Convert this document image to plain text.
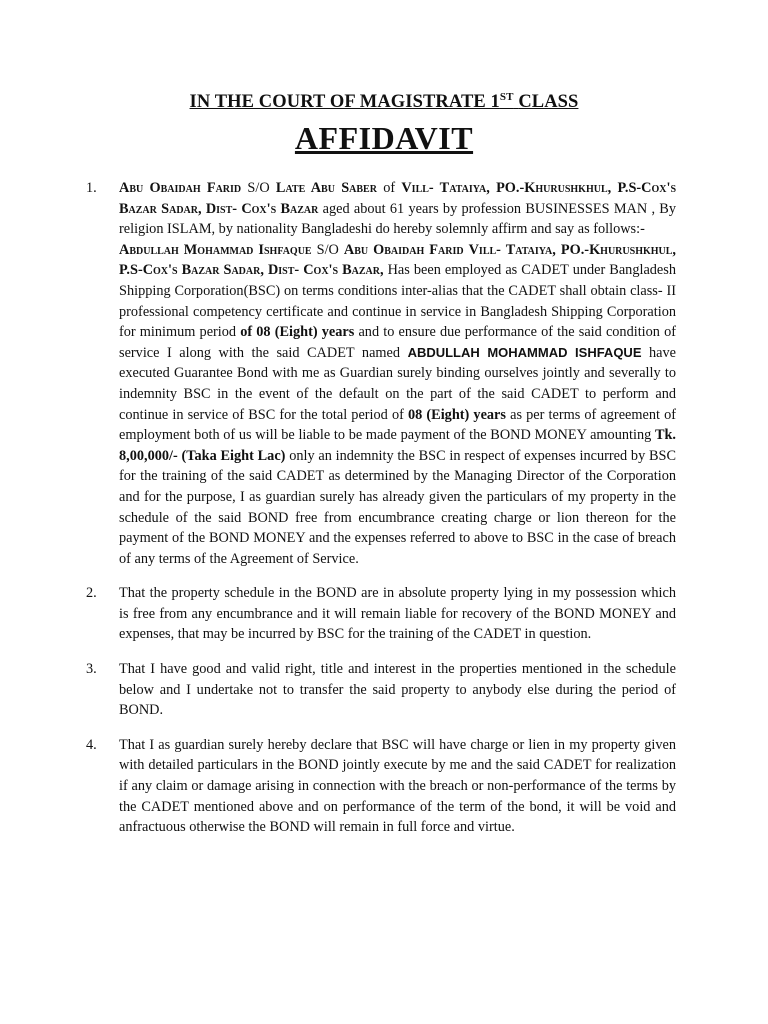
IN THE COURT OF MAGISTRATE 1ST CLASS
AFFIDAVIT
1. Abu Obaidah Farid S/O Late Abu Saber of Vill- Tataiya, PO.-Khurushkhul, P.S-Cox's Bazar Sadar, Dist- Cox's Bazar aged about 61 years by profession BUSINESSES MAN , By religion ISLAM, by nationality Bangladeshi do hereby solemnly affirm and say as follows:-

Abdullah Mohammad Ishfaque S/O Abu Obaidah Farid Vill- Tataiya, PO.-Khurushkhul, P.S-Cox's Bazar Sadar, Dist- Cox's Bazar, Has been employed as CADET under Bangladesh Shipping Corporation(BSC) on terms conditions inter-alias that the CADET shall obtain class- II professional competency certificate and continue in service in Bangladesh Shipping Corporation for minimum period of 08 (Eight) years and to ensure due performance of the said condition of service I along with the said CADET named ABDULLAH MOHAMMAD ISHFAQUE have executed Guarantee Bond with me as Guardian surely binding ourselves jointly and severally to indemnity BSC in the event of the default on the part of the said CADET to perform and continue in service of BSC for the total period of 08 (Eight) years as per terms of agreement of employment both of us will be liable to be made payment of the BOND MONEY amounting Tk. 8,00,000/- (Taka Eight Lac) only an indemnity the BSC in respect of expenses incurred by BSC for the training of the said CADET as determined by the Managing Director of the Corporation and for the purpose, I as guardian surely has already given the particulars of my property in the schedule of the said BOND free from encumbrance creating charge or lion thereon for the payment of the BOND MONEY and the expenses referred to above to BSC in the case of breach of any terms of the Agreement of Service.

2. That the property schedule in the BOND are in absolute property lying in my possession which is free from any encumbrance and it will remain liable for recovery of the BOND MONEY and expenses, that may be incurred by BSC for the training of the CADET in question.

3. That I have good and valid right, title and interest in the properties mentioned in the schedule below and I undertake not to transfer the said property to anybody else during the period of BOND.

4. That I as guardian surely hereby declare that BSC will have charge or lien in my property given with detailed particulars in the BOND jointly execute by me and the said CADET for realization if any claim or damage arising in connection with the breach or non-performance of the terms by the CADET mentioned above and on performance of the term of the bond, it will be void and anfractuous otherwise the BOND will remain in full force and virtue.
